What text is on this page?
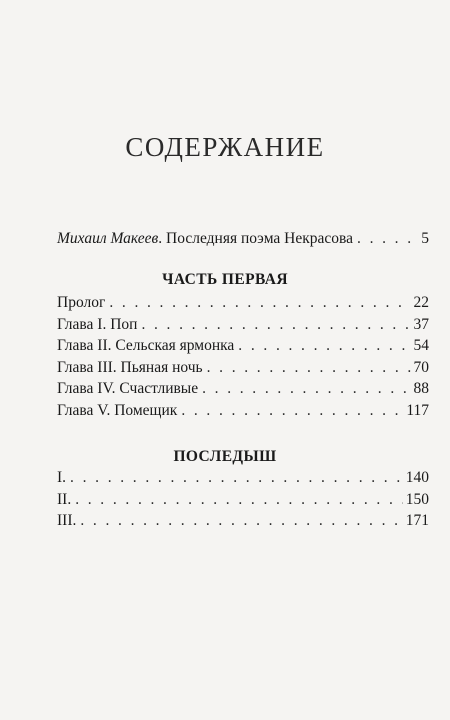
СОДЕРЖАНИЕ
Михаил Макеев. Последняя поэма Некрасова . . .	5
ЧАСТЬ ПЕРВАЯ
Пролог . . .	22
Глава I. Поп . . .	37
Глава II. Сельская ярмонка . . .	54
Глава III. Пьяная ночь . . .	70
Глава IV. Счастливые . . .	88
Глава V. Помещик . . .	117
ПОСЛЕДЫШ
I. . . .	140
II. . . .	150
III. . . .	171
